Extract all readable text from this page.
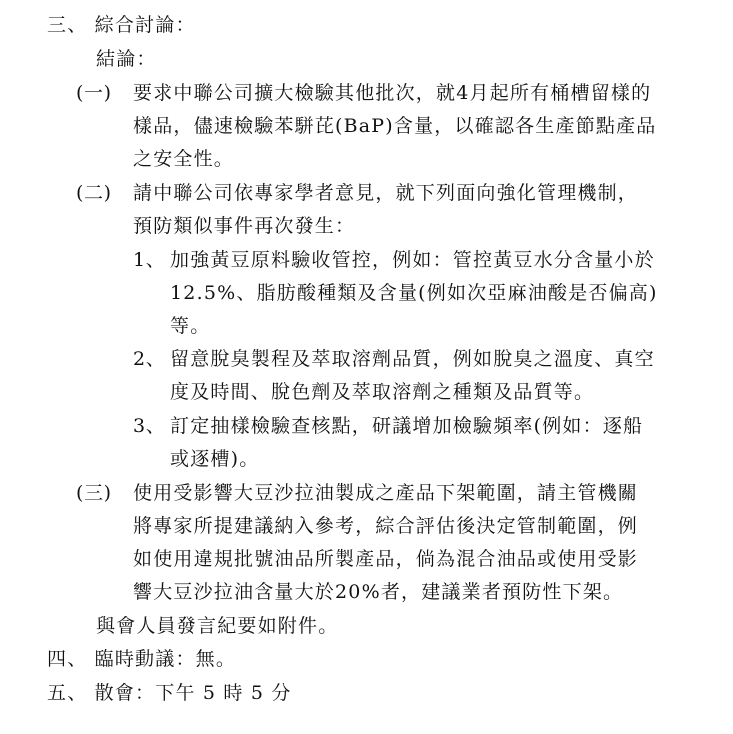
三、 綜合討論：
結論：
(一) 要求中聯公司擴大檢驗其他批次，就4月起所有桶槽留樣的
樣品，儘速檢驗苯駢芘(BaP)含量，以確認各生產節點產品
之安全性。
(二) 請中聯公司依專家學者意見，就下列面向強化管理機制，
預防類似事件再次發生：
1、 加強黃豆原料驗收管控，例如：管控黃豆水分含量小於
12.5%、脂肪酸種類及含量(例如次亞麻油酸是否偏高)
等。
2、 留意脫臭製程及萃取溶劑品質，例如脫臭之溫度、真空
度及時間、脫色劑及萃取溶劑之種類及品質等。
3、 訂定抽樣檢驗查核點，研議增加檢驗頻率(例如：逐船
或逐槽)。
(三) 使用受影響大豆沙拉油製成之產品下架範圍，請主管機關
將專家所提建議納入參考，綜合評估後決定管制範圍，例
如使用違規批號油品所製產品，倘為混合油品或使用受影
響大豆沙拉油含量大於20%者，建議業者預防性下架。
與會人員發言紀要如附件。
四、 臨時動議：無。
五、 散會：下午 5 時 5 分
